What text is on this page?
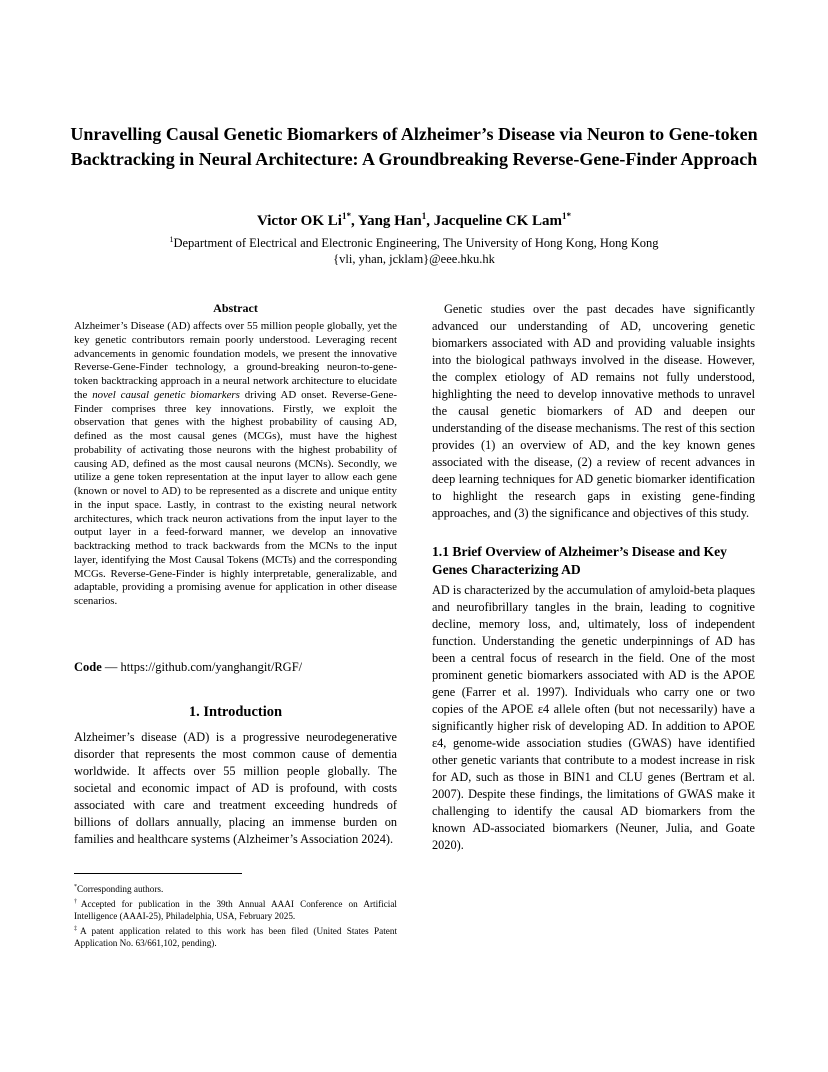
Unravelling Causal Genetic Biomarkers of Alzheimer’s Disease via Neuron to Gene-token Backtracking in Neural Architecture: A Groundbreaking Reverse-Gene-Finder Approach
Victor OK $Li^{1*}$, Yang Han$^1$, Jacqueline CK Lam$^{1*}$
$^1$Department of Electrical and Electronic Engineering, The University of Hong Kong, Hong Kong
{vli, yhan, jcklam}@eee.hku.hk
Abstract
Alzheimer’s Disease (AD) affects over 55 million people globally, yet the key genetic contributors remain poorly understood. Leveraging recent advancements in genomic foundation models, we present the innovative Reverse-Gene-Finder technology, a ground-breaking neuron-to-gene-token backtracking approach in a neural network architecture to elucidate the novel causal genetic biomarkers driving AD onset. Reverse-Gene-Finder comprises three key innovations. Firstly, we exploit the observation that genes with the highest probability of causing AD, defined as the most causal genes (MCGs), must have the highest probability of activating those neurons with the highest probability of causing AD, defined as the most causal neurons (MCNs). Secondly, we utilize a gene token representation at the input layer to allow each gene (known or novel to AD) to be represented as a discrete and unique entity in the input space. Lastly, in contrast to the existing neural network architectures, which track neuron activations from the input layer to the output layer in a feed-forward manner, we develop an innovative backtracking method to track backwards from the MCNs to the input layer, identifying the Most Causal Tokens (MCTs) and the corresponding MCGs. Reverse-Gene-Finder is highly interpretable, generalizable, and adaptable, providing a promising avenue for application in other disease scenarios.
Code — https://github.com/yanghangit/RGF/
1. Introduction
Alzheimer’s disease (AD) is a progressive neurodegenerative disorder that represents the most common cause of dementia worldwide. It affects over 55 million people globally. The societal and economic impact of AD is profound, with costs associated with care and treatment exceeding hundreds of billions of dollars annually, placing an immense burden on families and healthcare systems (Alzheimer’s Association 2024).

*Corresponding authors.

†Accepted for publication in the 39th Annual AAAI Conference on Artificial Intelligence (AAAI-25), Philadelphia, USA, February 2025.

‡A patent application related to this work has been filed (United States Patent Application No. 63/661,102, pending).

Genetic studies over the past decades have significantly advanced our understanding of AD, uncovering genetic biomarkers associated with AD and providing valuable insights into the biological pathways involved in the disease. However, the complex etiology of AD remains not fully understood, highlighting the need to develop innovative methods to unravel the causal genetic biomarkers of AD and deepen our understanding of the disease mechanisms. The rest of this section provides (1) an overview of AD, and the key known genes associated with the disease, (2) a review of recent advances in deep learning techniques for AD genetic biomarker identification to highlight the research gaps in existing gene-finding approaches, and (3) the significance and objectives of this study.

1.1 Brief Overview of Alzheimer’s Disease and Key Genes Characterizing AD

AD is characterized by the accumulation of amyloid-beta plaques and neurofibrillary tangles in the brain, leading to cognitive decline, memory loss, and, ultimately, loss of independent function. Understanding the genetic underpinnings of AD has been a central focus of research in the field. One of the most prominent genetic biomarkers associated with AD is the APOE gene (Farrer et al. 1997). Individuals who carry one or two copies of the APOE ε4 allele often (but not necessarily) have a significantly higher risk of developing AD. In addition to APOE ε4, genome-wide association studies (GWAS) have identified other genetic variants that contribute to a modest increase in risk for AD, such as those in BIN1 and CLU genes (Bertram et al. 2007). Despite these findings, the limitations of GWAS make it challenging to identify the causal AD biomarkers from the known AD-associated biomarkers (Neuner, Julia, and Goate 2020).
